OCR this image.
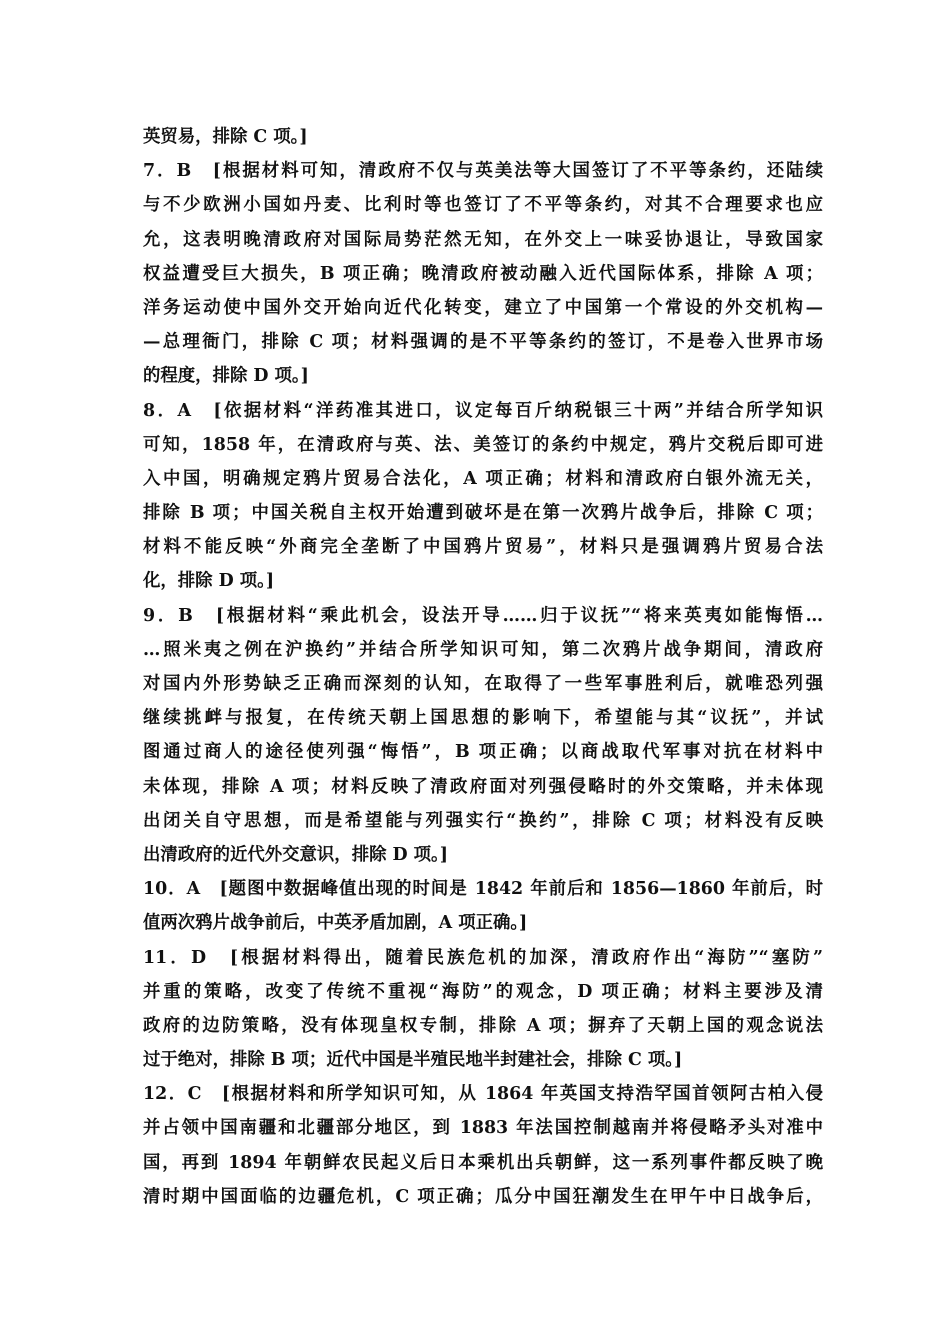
英贸易，排除 C 项。]
7．B　[根据材料可知，清政府不仅与英美法等大国签订了不平等条约，还陆续
与不少欧洲小国如丹麦、比利时等也签订了不平等条约，对其不合理要求也应
允，这表明晚清政府对国际局势茫然无知，在外交上一味妥协退让，导致国家
权益遭受巨大损失，B 项正确；晚清政府被动融入近代国际体系，排除 A 项；
洋务运动使中国外交开始向近代化转变，建立了中国第一个常设的外交机构—
—总理衙门，排除 C 项；材料强调的是不平等条约的签订，不是卷入世界市场
的程度，排除 D 项。]
8．A　[依据材料“洋药准其进口，议定每百斤纳税银三十两”并结合所学知识
可知，1858 年，在清政府与英、法、美签订的条约中规定，鸦片交税后即可进
入中国，明确规定鸦片贸易合法化，A 项正确；材料和清政府白银外流无关，
排除 B 项；中国关税自主权开始遭到破坏是在第一次鸦片战争后，排除 C 项；
材料不能反映“外商完全垄断了中国鸦片贸易”，材料只是强调鸦片贸易合法
化，排除 D 项。]
9．B　[根据材料“乘此机会，设法开导……归于议抚”“将来英夷如能悔悟…
…照米夷之例在沪换约”并结合所学知识可知，第二次鸦片战争期间，清政府
对国内外形势缺乏正确而深刻的认知，在取得了一些军事胜利后，就唯恐列强
继续挑衅与报复，在传统天朝上国思想的影响下，希望能与其“议抚”，并试
图通过商人的途径使列强“悔悟”，B 项正确；以商战取代军事对抗在材料中
未体现，排除 A 项；材料反映了清政府面对列强侵略时的外交策略，并未体现
出闭关自守思想，而是希望能与列强实行“换约”，排除 C 项；材料没有反映
出清政府的近代外交意识，排除 D 项。]
10．A　[题图中数据峰值出现的时间是 1842 年前后和 1856—1860 年前后，时
值两次鸦片战争前后，中英矛盾加剧，A 项正确。]
11．D　[根据材料得出，随着民族危机的加深，清政府作出“海防”“塞防”
并重的策略，改变了传统不重视“海防”的观念，D 项正确；材料主要涉及清
政府的边防策略，没有体现皇权专制，排除 A 项；摒弃了天朝上国的观念说法
过于绝对，排除 B 项；近代中国是半殖民地半封建社会，排除 C 项。]
12．C　[根据材料和所学知识可知，从 1864 年英国支持浩罕国首领阿古柏入侵
并占领中国南疆和北疆部分地区，到 1883 年法国控制越南并将侵略矛头对准中
国，再到 1894 年朝鲜农民起义后日本乘机出兵朝鲜，这一系列事件都反映了晚
清时期中国面临的边疆危机，C 项正确；瓜分中国狂潮发生在甲午中日战争后，
